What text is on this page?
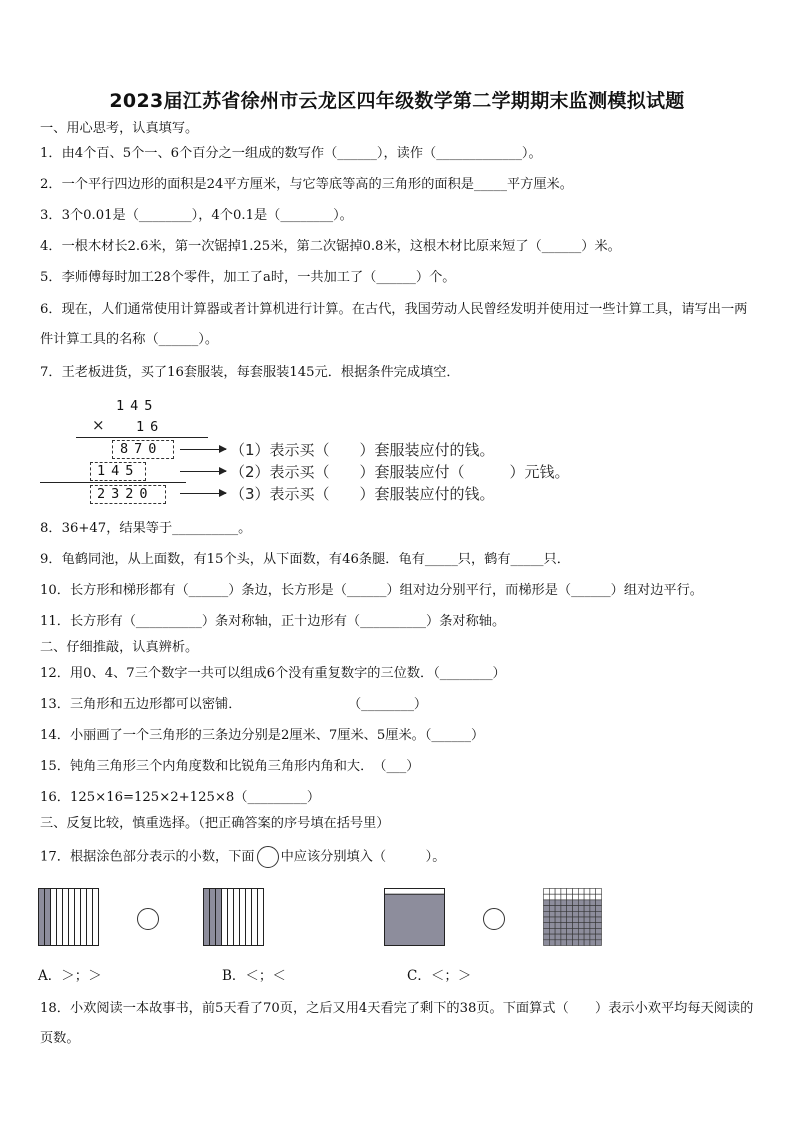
2023届江苏省徐州市云龙区四年级数学第二学期期末监测模拟试题
一、用心思考，认真填写。
1．由4个百、5个一、6个百分之一组成的数写作（______），读作（_____________）。
2．一个平行四边形的面积是24平方厘米，与它等底等高的三角形的面积是_____平方厘米。
3．3个0.01是（________），4个0.1是（________）。
4．一根木材长2.6米，第一次锯掉1.25米，第二次锯掉0.8米，这根木材比原来短了（______）米。
5．李师傅每时加工28个零件，加工了a时，一共加工了（______）个。
6．现在，人们通常使用计算器或者计算机进行计算。在古代，我国劳动人民曾经发明并使用过一些计算工具，请写出一两件计算工具的名称（______）。
7．王老板进货，买了16套服装，每套服装145元．根据条件完成填空．
145
× 16
870	（1）表示买（　　）套服装应付的钱。
145	（2）表示买（　　）套服装应付（　　　）元钱。
2320	（3）表示买（　　）套服装应付的钱。
8．36+47，结果等于__________。
9．龟鹤同池，从上面数，有15个头，从下面数，有46条腿．龟有_____只，鹤有_____只．
10．长方形和梯形都有（______）条边，长方形是（______）组对边分别平行，而梯形是（______）组对边平行。
11．长方形有（__________）条对称轴，正十边形有（__________）条对称轴。
二、仔细推敲，认真辨析。
12．用0、4、7三个数字一共可以组成6个没有重复数字的三位数．（________）
13．三角形和五边形都可以密铺．	（________）
14．小丽画了一个三角形的三条边分别是2厘米、7厘米、5厘米。（______）
15．钝角三角形三个内角度数和比锐角三角形内角和大．　（___）
16．125×16=125×2+125×8（_________）
三、反复比较，慎重选择。（把正确答案的序号填在括号里）
17．根据涂色部分表示的小数，下面 中应该分别填入（　　　）。
A．＞；＞	B．＜；＜	C．＜；＞
18．小欢阅读一本故事书，前5天看了70页，之后又用4天看完了剩下的38页。下面算式（　　）表示小欢平均每天阅读的页数。
